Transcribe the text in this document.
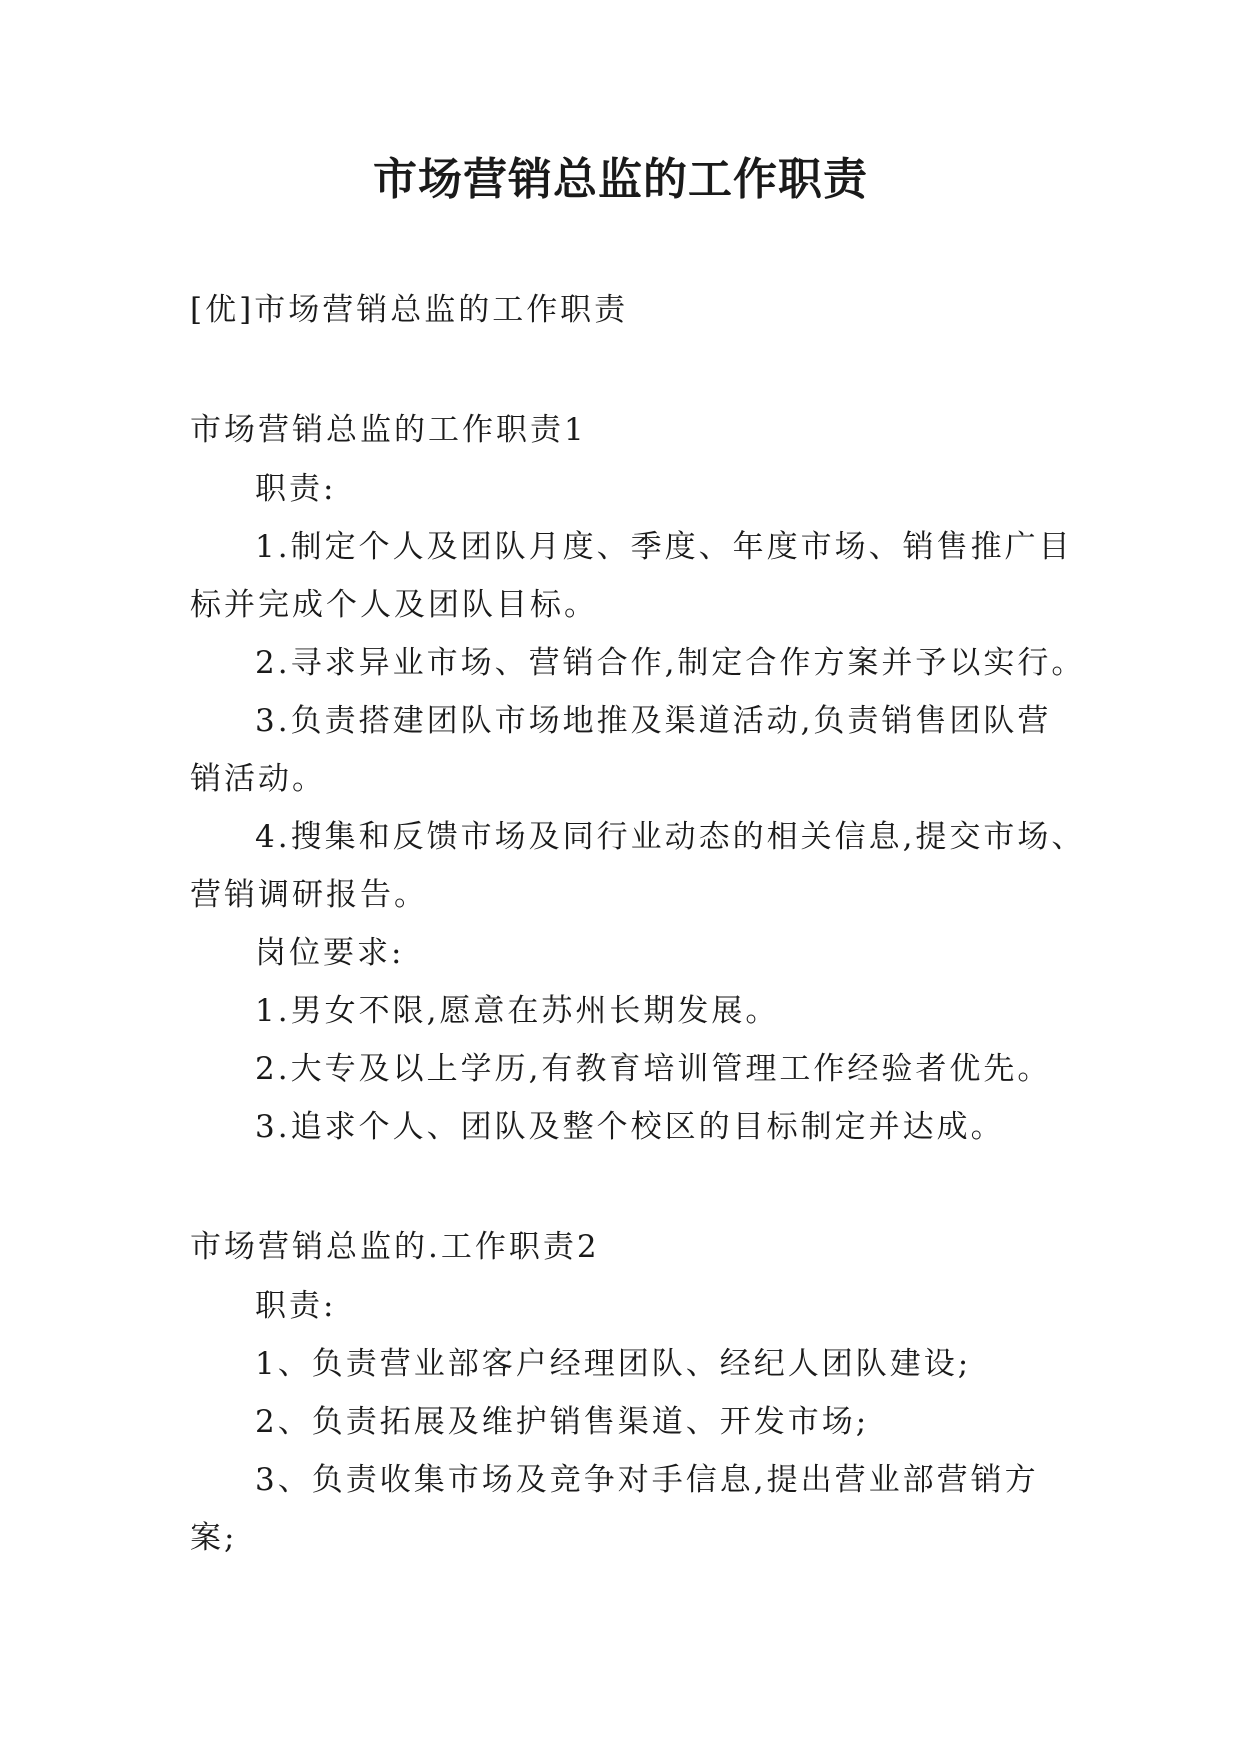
市场营销总监的工作职责
[优]市场营销总监的工作职责
市场营销总监的工作职责1
职责:
1.制定个人及团队月度、季度、年度市场、销售推广目
标并完成个人及团队目标。
2.寻求异业市场、营销合作,制定合作方案并予以实行。
3.负责搭建团队市场地推及渠道活动,负责销售团队营
销活动。
4.搜集和反馈市场及同行业动态的相关信息,提交市场、
营销调研报告。
岗位要求:
1.男女不限,愿意在苏州长期发展。
2.大专及以上学历,有教育培训管理工作经验者优先。
3.追求个人、团队及整个校区的目标制定并达成。
市场营销总监的.工作职责2
职责:
1、负责营业部客户经理团队、经纪人团队建设;
2、负责拓展及维护销售渠道、开发市场;
3、负责收集市场及竞争对手信息,提出营业部营销方
案;
